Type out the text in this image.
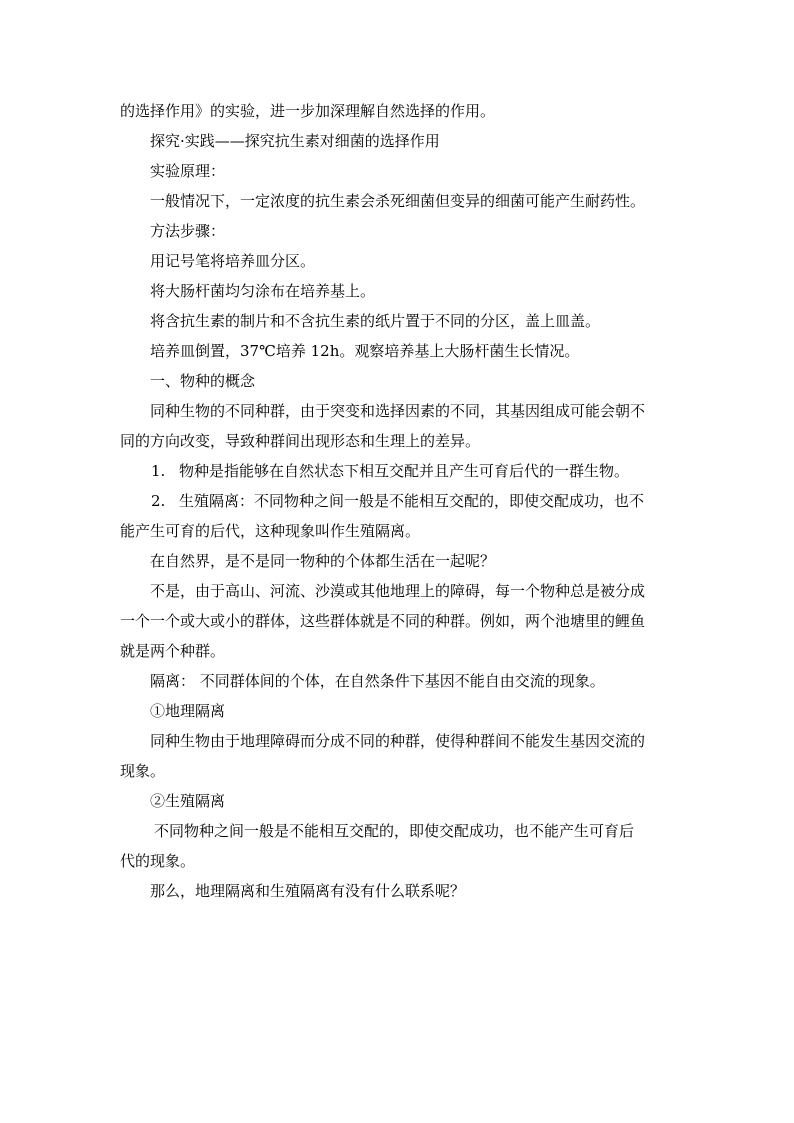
的选择作用》的实验，进一步加深理解自然选择的作用。
探究·实践——探究抗生素对细菌的选择作用
实验原理：
一般情况下，一定浓度的抗生素会杀死细菌但变异的细菌可能产生耐药性。
方法步骤：
用记号笔将培养皿分区。
将大肠杆菌均匀涂布在培养基上。
将含抗生素的制片和不含抗生素的纸片置于不同的分区，盖上皿盖。
培养皿倒置，37℃培养 12h。观察培养基上大肠杆菌生长情况。
一、物种的概念
同种生物的不同种群，由于突变和选择因素的不同，其基因组成可能会朝不
同的方向改变，导致种群间出现形态和生理上的差异。
1. 物种是指能够在自然状态下相互交配并且产生可育后代的一群生物。
2. 生殖隔离：不同物种之间一般是不能相互交配的，即使交配成功，也不
能产生可育的后代，这种现象叫作生殖隔离。
在自然界，是不是同一物种的个体都生活在一起呢？
不是，由于高山、河流、沙漠或其他地理上的障碍，每一个物种总是被分成
一个一个或大或小的群体，这些群体就是不同的种群。例如，两个池塘里的鲤鱼
就是两个种群。
隔离： 不同群体间的个体，在自然条件下基因不能自由交流的现象。
①地理隔离
同种生物由于地理障碍而分成不同的种群，使得种群间不能发生基因交流的
现象。
②生殖隔离
不同物种之间一般是不能相互交配的，即使交配成功，也不能产生可育后
代的现象。
那么，地理隔离和生殖隔离有没有什么联系呢？
